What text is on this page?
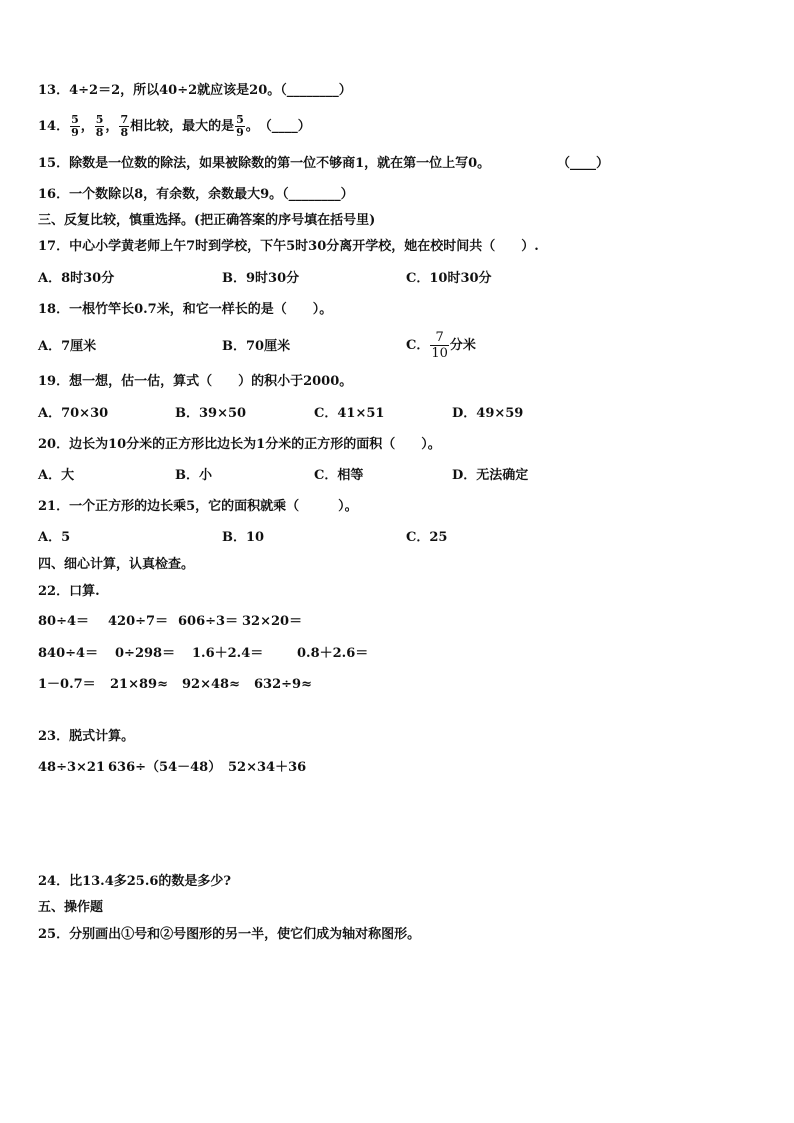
13．4÷2＝2，所以40÷2就应该是20。（________）
14． $\frac{5}{9}$ ， $\frac{5}{8}$ ， $\frac{7}{8}$ 相比较，最大的是 $\frac{5}{9}$ 。　（____）
15．除数是一位数的除法，如果被除数的第一位不够商1，就在第一位上写0。	（____）
16．一个数除以8，有余数，余数最大9。（________）
三、反复比较，慎重选择。(把正确答案的序号填在括号里)
17．中心小学黄老师上午7时到学校，下午5时30分离开学校，她在校时间共（　　）.
A．8时30分	B．9时30分	C．10时30分
18．一根竹竿长0.7米，和它一样长的是（　　）。
A．7厘米	B．70厘米	C． $\frac{7}{10}$ 分米
19．想一想，估一估，算式（　　）的积小于2000。
A．70×30	B．39×50	C．41×51	D．49×59
20．边长为10分米的正方形比边长为1分米的正方形的面积（　　）。
A．大	B．小	C．相等	D．无法确定
21．一个正方形的边长乘5，它的面积就乘（　　　）。
A．5	B．10	C．25
四、细心计算，认真检查。
22．口算.
80÷4＝ 420÷7＝ 606÷3＝ 32×20＝
840÷4＝ 0÷298＝ 1.6＋2.4＝	0.8＋2.6＝
1－0.7＝ 21×89≈ 92×48≈ 632÷9≈
23．脱式计算。
48÷3×21 636÷（54－48） 52×34＋36
24．比13.4多25.6的数是多少?
五、操作题
25．分别画出①号和②号图形的另一半，使它们成为轴对称图形。
